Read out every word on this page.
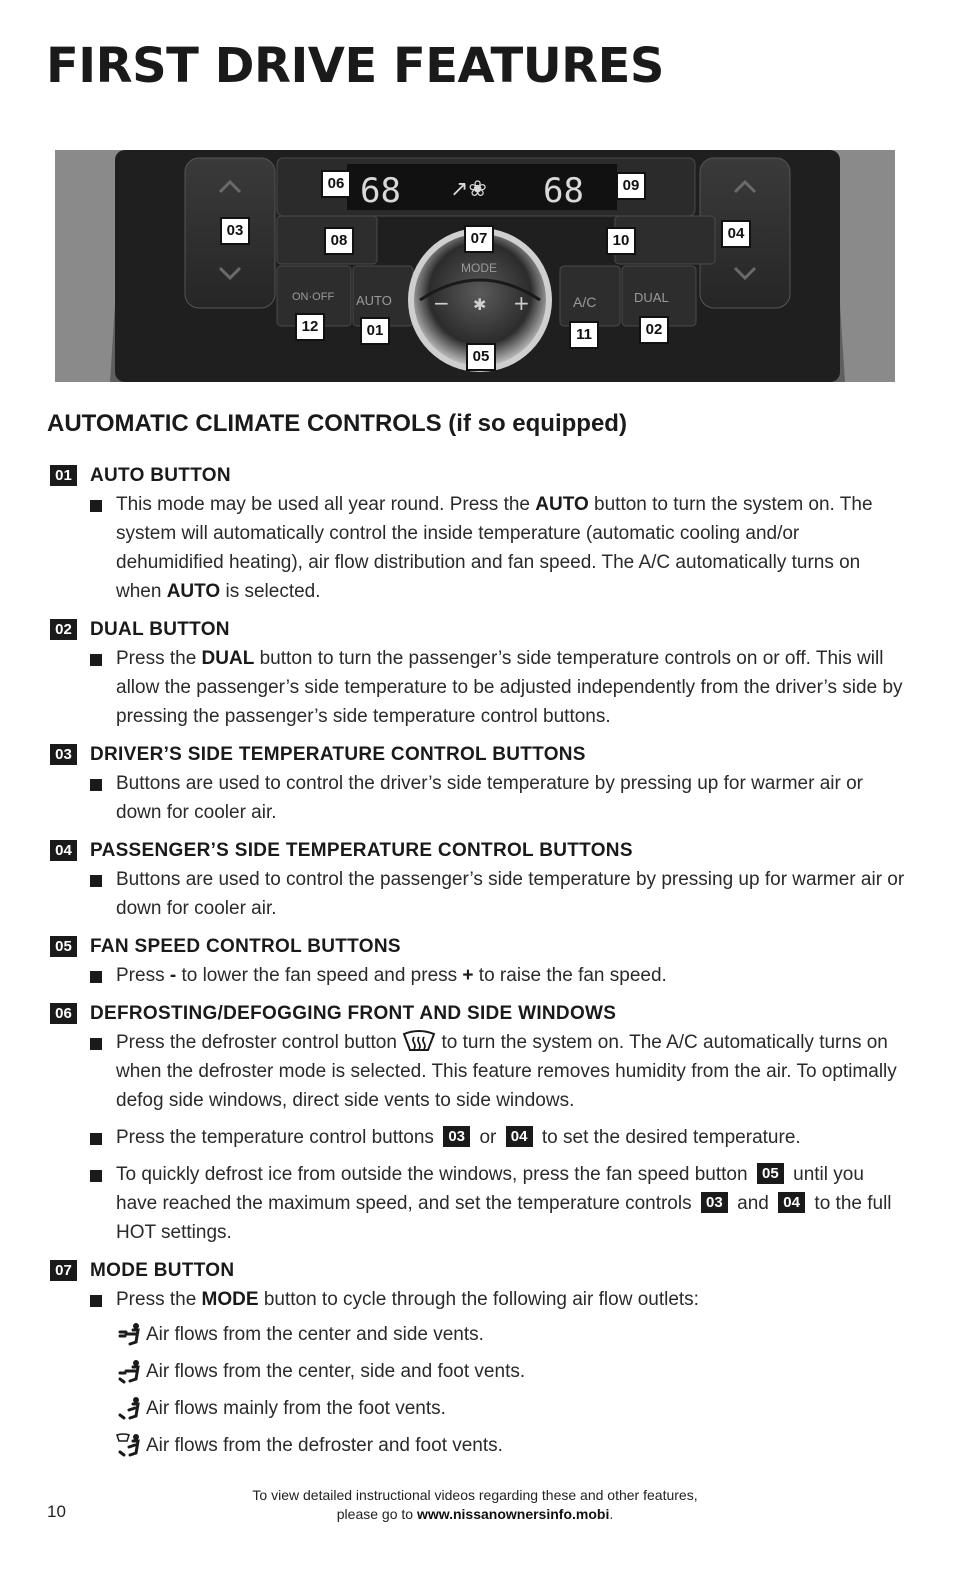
FIRST DRIVE FEATURES
68	68
↗❀
ON·OFF AUTO	A/C	DUAL
MODE
−	+
✱
06	09
03
08	07	10	04
12	01	11	02
05
AUTOMATIC CLIMATE CONTROLS (if so equipped)
01 AUTO BUTTON

This mode may be used all year round. Press the AUTO button to turn the system on. The system will automatically control the inside temperature (automatic cooling and/or dehumidified heating), air flow distribution and fan speed. The A/C automatically turns on when AUTO is selected.

02 DUAL BUTTON

Press the DUAL button to turn the passenger’s side temperature controls on or off. This will allow the passenger’s side temperature to be adjusted independently from the driver’s side by pressing the passenger’s side temperature control buttons.

03 DRIVER’S SIDE TEMPERATURE CONTROL BUTTONS

Buttons are used to control the driver’s side temperature by pressing up for warmer air or down for cooler air.

04 PASSENGER’S SIDE TEMPERATURE CONTROL BUTTONS

Buttons are used to control the passenger’s side temperature by pressing up for warmer air or down for cooler air.

05 FAN SPEED CONTROL BUTTONS

Press - to lower the fan speed and press + to raise the fan speed.

06 DEFROSTING/DEFOGGING FRONT AND SIDE WINDOWS

Press the defroster control button  to turn the system on. The A/C automatically turns on when the defroster mode is selected. This feature removes humidity from the air. To optimally defog side windows, direct side vents to side windows.

Press the temperature control buttons 03 or 04 to set the desired temperature.

To quickly defrost ice from outside the windows, press the fan speed button 05 until you have reached the maximum speed, and set the temperature controls 03 and 04 to the full HOT settings.

07 MODE BUTTON

Press the MODE button to cycle through the following air flow outlets:

Air flows from the center and side vents.
Air flows from the center, side and foot vents.
Air flows mainly from the foot vents.
Air flows from the defroster and foot vents.
To view detailed instructional videos regarding these and other features,
please go to www.nissanownersinfo.mobi.
10
